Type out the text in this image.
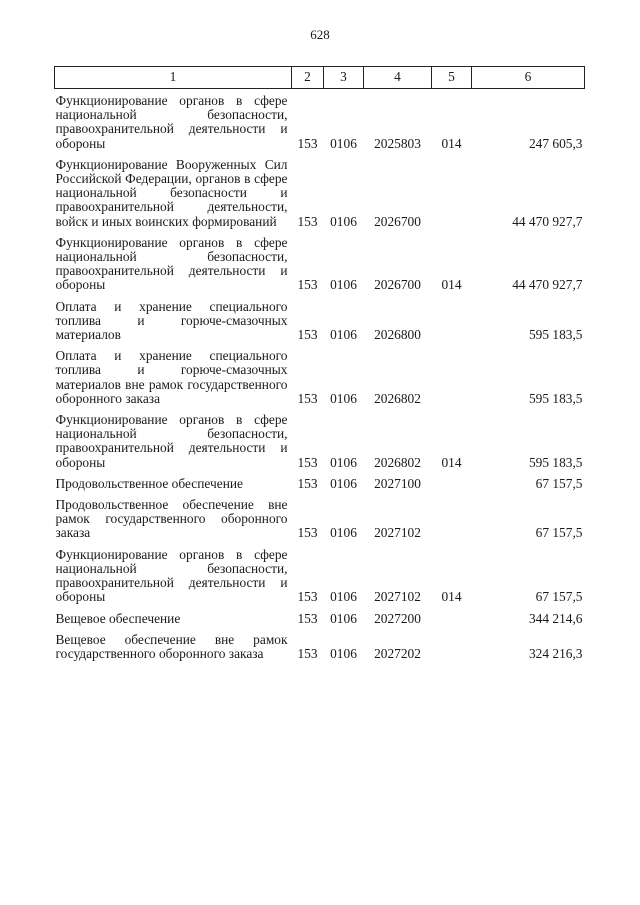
628
1	2	3	4	5	6
Функционирование органов в сфере национальной безопасности, правоохранительной деятельности и обороны	153	0106	2025803	014	247 605,3
Функционирование Вооруженных Сил Российской Федерации, органов в сфере национальной безопасности и правоохранительной деятельности, войск и иных воинских формирований	153	0106	2026700		44 470 927,7
Функционирование органов в сфере национальной безопасности, правоохранительной деятельности и обороны	153	0106	2026700	014	44 470 927,7
Оплата и хранение специального топлива и горюче-смазочных материалов	153	0106	2026800		595 183,5
Оплата и хранение специального топлива и горюче-смазочных материалов вне рамок государственного оборонного заказа	153	0106	2026802		595 183,5
Функционирование органов в сфере национальной безопасности, правоохранительной деятельности и обороны	153	0106	2026802	014	595 183,5
Продовольственное обеспечение	153	0106	2027100		67 157,5
Продовольственное обеспечение вне рамок государственного оборонного заказа	153	0106	2027102		67 157,5
Функционирование органов в сфере национальной безопасности, правоохранительной деятельности и обороны	153	0106	2027102	014	67 157,5
Вещевое обеспечение	153	0106	2027200		344 214,6
Вещевое обеспечение вне рамок государственного оборонного заказа	153	0106	2027202		324 216,3
